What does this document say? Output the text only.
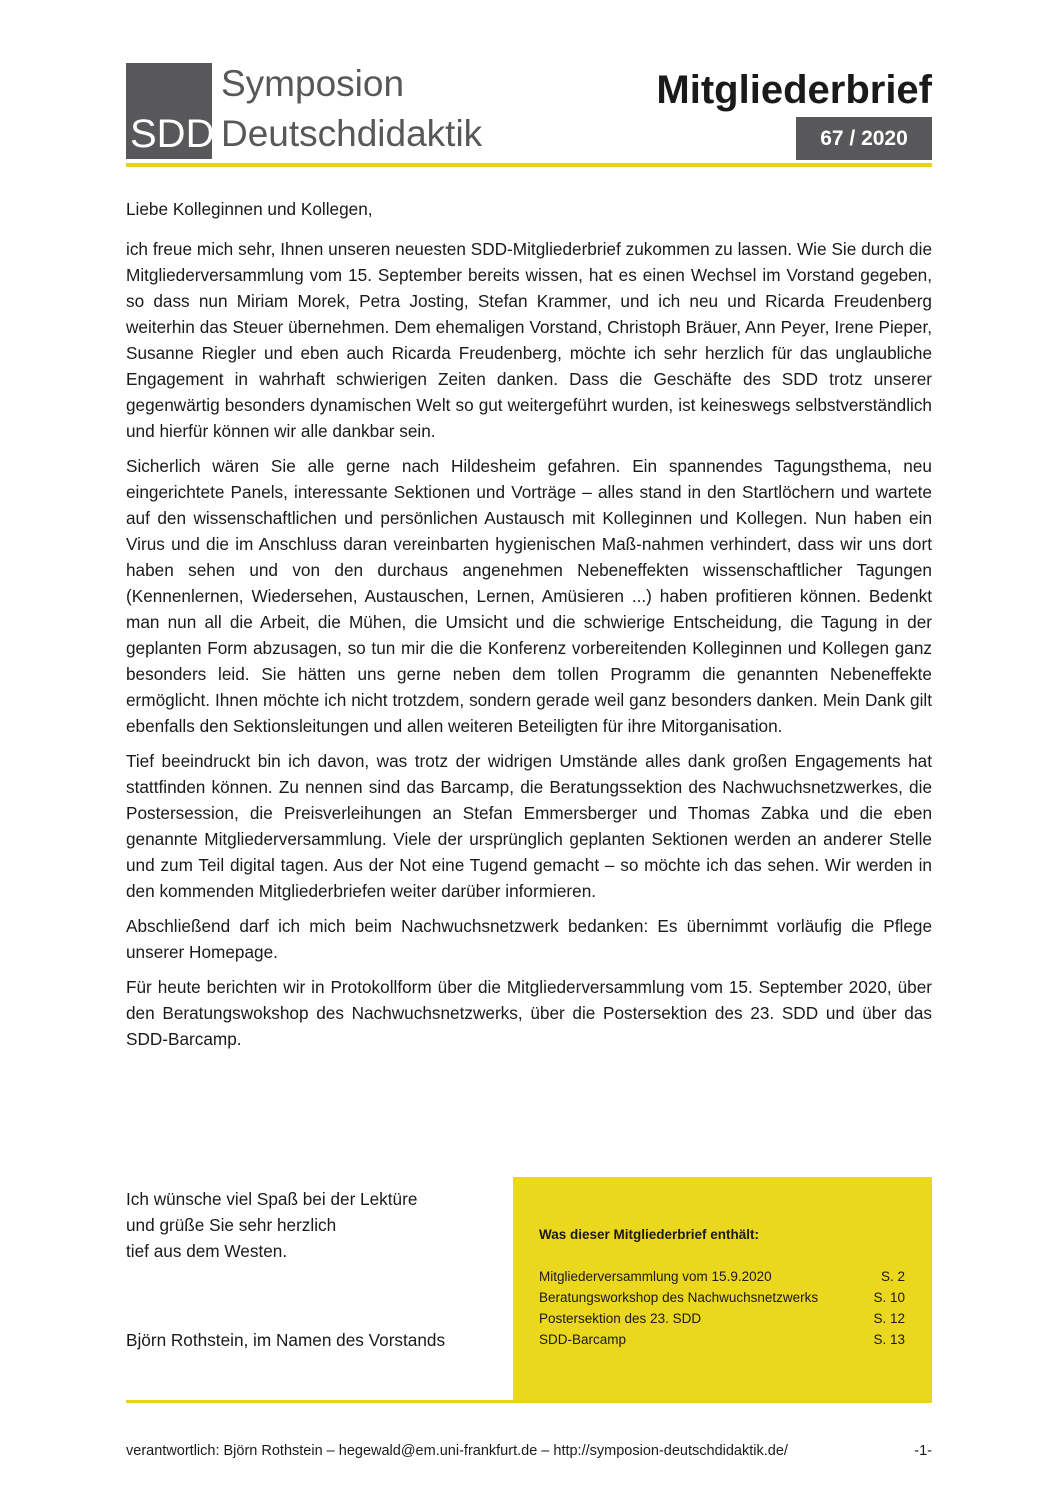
SDD
Symposion
Deutschdidaktik
Mitgliederbrief
67 / 2020
Liebe Kolleginnen und Kollegen,

ich freue mich sehr, Ihnen unseren neuesten SDD-Mitgliederbrief zukommen zu lassen. Wie Sie durch die Mitgliederversammlung vom 15. September bereits wissen, hat es einen Wechsel im Vorstand gegeben, so dass nun Miriam Morek, Petra Josting, Stefan Krammer, und ich neu und Ricarda Freudenberg weiterhin das Steuer übernehmen. Dem ehemaligen Vorstand, Christoph Bräuer, Ann Peyer, Irene Pieper, Susanne Riegler und eben auch Ricarda Freudenberg, möchte ich sehr herzlich für das unglaubliche Engagement in wahrhaft schwierigen Zeiten danken. Dass die Geschäfte des SDD trotz unserer gegenwärtig besonders dynamischen Welt so gut weitergeführt wurden, ist keineswegs selbstverständlich und hierfür können wir alle dankbar sein.

Sicherlich wären Sie alle gerne nach Hildesheim gefahren. Ein spannendes Tagungsthema, neu eingerichtete Panels, interessante Sektionen und Vorträge – alles stand in den Startlöchern und wartete auf den wissenschaftlichen und persönlichen Austausch mit Kolleginnen und Kollegen. Nun haben ein Virus und die im Anschluss daran vereinbarten hygienischen Maß-nahmen verhindert, dass wir uns dort haben sehen und von den durchaus angenehmen Nebeneffekten wissenschaftlicher Tagungen (Kennenlernen, Wiedersehen, Austauschen, Lernen, Amüsieren ...) haben profitieren können. Bedenkt man nun all die Arbeit, die Mühen, die Umsicht und die schwierige Entscheidung, die Tagung in der geplanten Form abzusagen, so tun mir die die Konferenz vorbereitenden Kolleginnen und Kollegen ganz besonders leid. Sie hätten uns gerne neben dem tollen Programm die genannten Nebeneffekte ermöglicht. Ihnen möchte ich nicht trotzdem, sondern gerade weil ganz besonders danken. Mein Dank gilt ebenfalls den Sektionsleitungen und allen weiteren Beteiligten für ihre Mitorganisation.

Tief beeindruckt bin ich davon, was trotz der widrigen Umstände alles dank großen Engagements hat stattfinden können. Zu nennen sind das Barcamp, die Beratungssektion des Nachwuchsnetzwerkes, die Postersession, die Preisverleihungen an Stefan Emmersberger und Thomas Zabka und die eben genannte Mitgliederversammlung. Viele der ursprünglich geplanten Sektionen werden an anderer Stelle und zum Teil digital tagen. Aus der Not eine Tugend gemacht – so möchte ich das sehen. Wir werden in den kommenden Mitgliederbriefen weiter darüber informieren.

Abschließend darf ich mich beim Nachwuchsnetzwerk bedanken: Es übernimmt vorläufig die Pflege unserer Homepage.

Für heute berichten wir in Protokollform über die Mitgliederversammlung vom 15. September 2020, über den Beratungswokshop des Nachwuchsnetzwerks, über die Postersektion des 23. SDD und über das SDD-Barcamp.

Ich wünsche viel Spaß bei der Lektüre
und grüße Sie sehr herzlich
tief aus dem Westen.
Björn Rothstein, im Namen des Vorstands
Was dieser Mitgliederbrief enthält:
Mitgliederversammlung vom 15.9.2020	S. 2
Beratungsworkshop des Nachwuchsnetzwerks	S. 10
Postersektion des 23. SDD	S. 12
SDD-Barcamp	S. 13
verantwortlich: Björn Rothstein – hegewald@em.uni-frankfurt.de – http://symposion-deutschdidaktik.de/	-1-
